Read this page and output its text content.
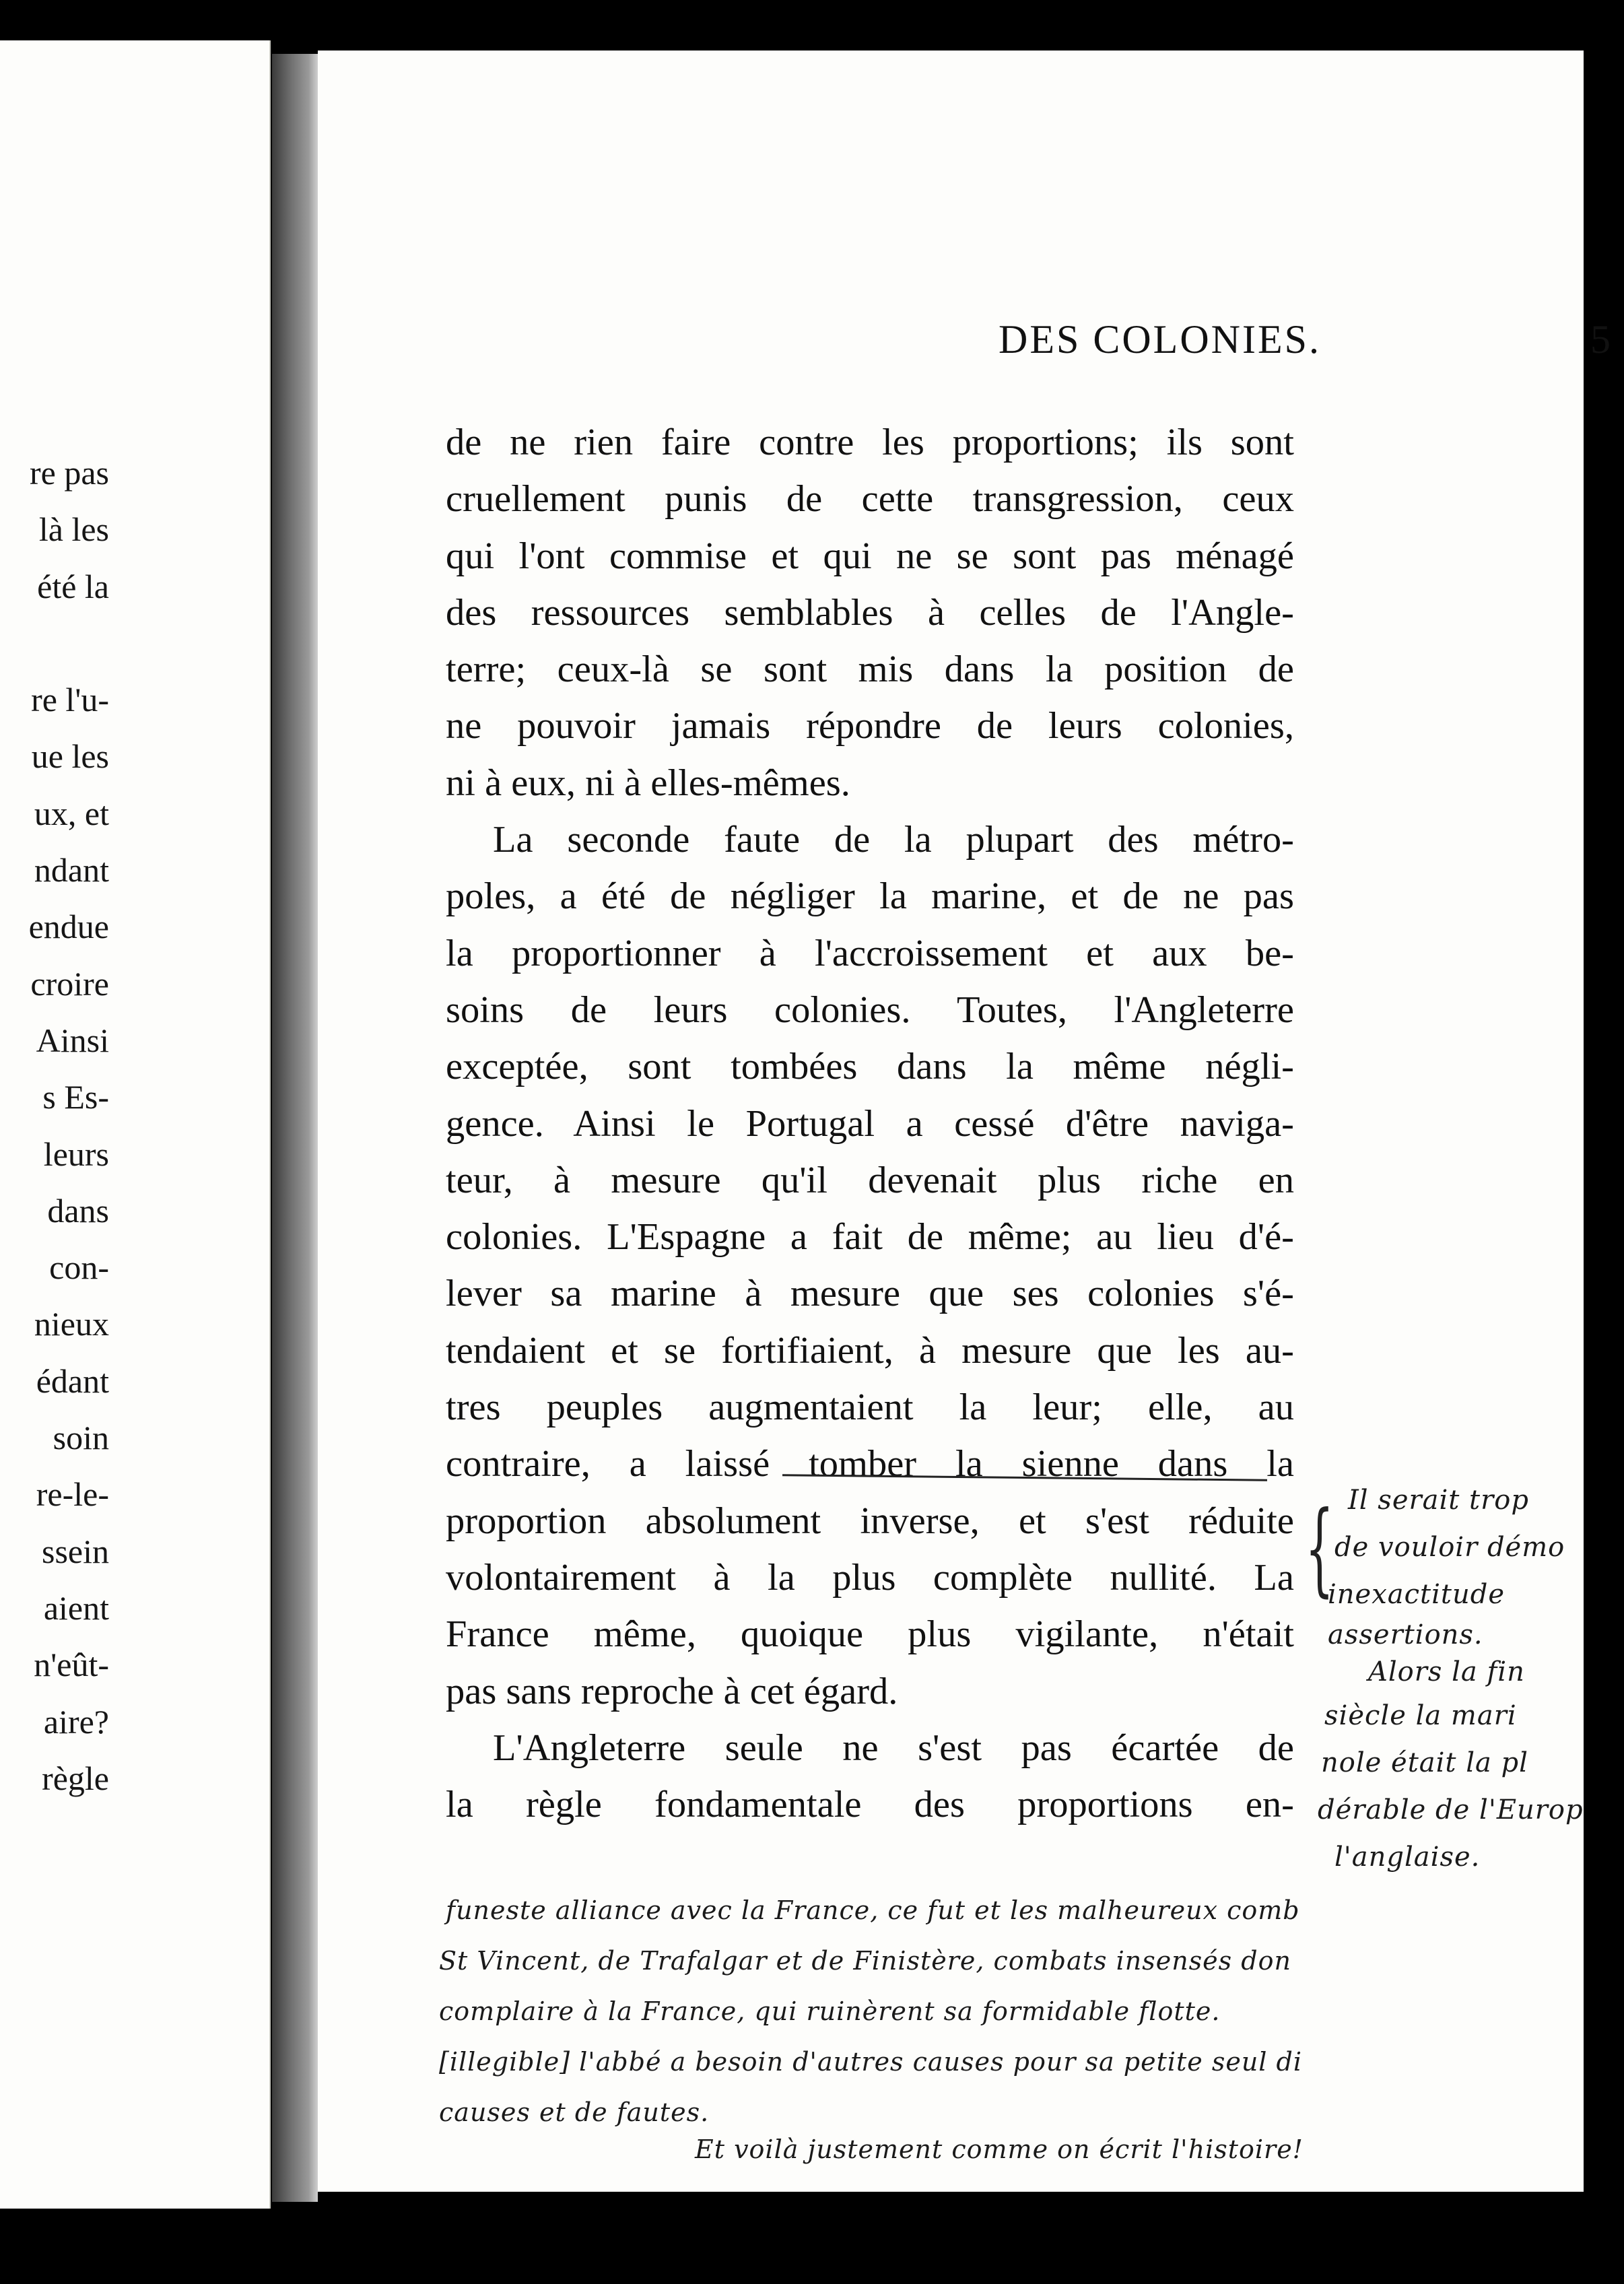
re pas
là les
été la
re l'u-
ue les
ux, et
ndant
endue
croire
Ainsi
s Es-
leurs
dans
con-
nieux
édant
soin
re-le-
ssein
aient
n'eût-
aire?
règle
DES COLONIES.	5
de ne rien faire contre les proportions; ils sont
cruellement punis de cette transgression, ceux
qui l'ont commise et qui ne se sont pas ménagé
des ressources semblables à celles de l'Angle-
terre; ceux-là se sont mis dans la position de
ne pouvoir jamais répondre de leurs colonies,
ni à eux, ni à elles-mêmes.
La seconde faute de la plupart des métro-
poles, a été de négliger la marine, et de ne pas
la proportionner à l'accroissement et aux be-
soins de leurs colonies. Toutes, l'Angleterre
exceptée, sont tombées dans la même négli-
gence. Ainsi le Portugal a cessé d'être naviga-
teur, à mesure qu'il devenait plus riche en
colonies. L'Espagne a fait de même; au lieu d'é-
lever sa marine à mesure que ses colonies s'é-
tendaient et se fortifiaient, à mesure que les au-
tres peuples augmentaient la leur; elle, au
contraire, a laissé tomber la sienne dans la
proportion absolument inverse, et s'est réduite
volontairement à la plus complète nullité. La
France même, quoique plus vigilante, n'était
pas sans reproche à cet égard.
L'Angleterre seule ne s'est pas écartée de
la règle fondamentale des proportions en-
{ Il serait trop
de vouloir démo
inexactitude
assertions.
Alors la fin
siècle la mari
nole était la pl
dérable de l'Europ
l'anglaise.
funeste alliance avec la France, ce fut et les malheureux comb
St Vincent, de Trafalgar et de Finistère, combats insensés don
complaire à la France, qui ruinèrent sa formidable flotte.
[illegible] l'abbé a besoin d'autres causes pour sa petite seul di
causes et de fautes.
Et voilà justement comme on écrit l'histoire!
